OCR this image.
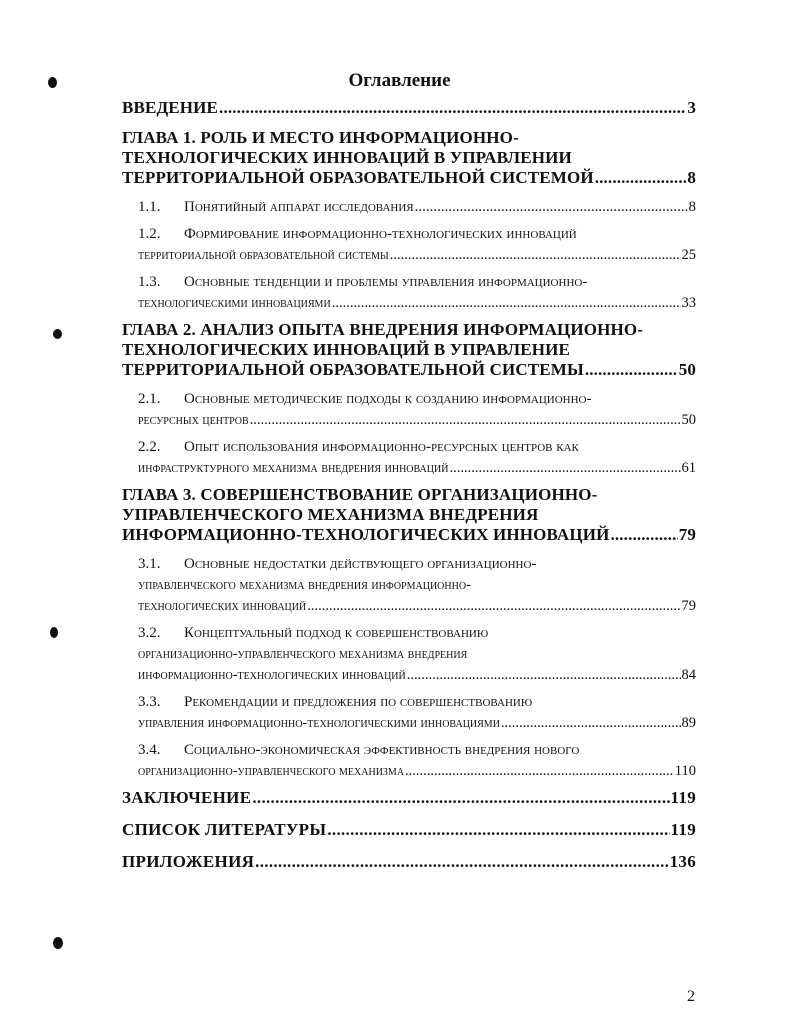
Оглавление
ВВЕДЕНИЕ .....	3
ГЛАВА 1. РОЛЬ И МЕСТО ИНФОРМАЦИОННО-
ТЕХНОЛОГИЧЕСКИХ ИННОВАЦИЙ В УПРАВЛЕНИИ
ТЕРРИТОРИАЛЬНОЙ ОБРАЗОВАТЕЛЬНОЙ СИСТЕМОЙ .....	8
1.1.	Понятийный аппарат исследования .....	8
1.2.	Формирование информационно-технологических инноваций
территориальной образовательной системы .....	25
1.3.	Основные тенденции и проблемы управления информационно-
технологическими инновациями .....	33
ГЛАВА 2. АНАЛИЗ ОПЫТА ВНЕДРЕНИЯ ИНФОРМАЦИОННО-
ТЕХНОЛОГИЧЕСКИХ ИННОВАЦИЙ В УПРАВЛЕНИЕ
ТЕРРИТОРИАЛЬНОЙ ОБРАЗОВАТЕЛЬНОЙ СИСТЕМЫ .....	50
2.1.	Основные методические подходы к созданию информационно-
ресурсных центров .....	50
2.2.	Опыт использования информационно-ресурсных центров как
инфраструктурного механизма внедрения инноваций .....	61
ГЛАВА 3. СОВЕРШЕНСТВОВАНИЕ ОРГАНИЗАЦИОННО-
УПРАВЛЕНЧЕСКОГО МЕХАНИЗМА ВНЕДРЕНИЯ
ИНФОРМАЦИОННО-ТЕХНОЛОГИЧЕСКИХ ИННОВАЦИЙ .....	79
3.1.	Основные недостатки действующего организационно-
управленческого механизма внедрения информационно-
технологических инноваций .....	79
3.2.	Концептуальный подход к совершенствованию
организационно-управленческого механизма внедрения
информационно-технологических инноваций .....	84
3.3.	Рекомендации и предложения по совершенствованию
управления информационно-технологическими инновациями .....	89
3.4.	Социально-экономическая эффективность внедрения нового
организационно-управленческого механизма .....	110
ЗАКЛЮЧЕНИЕ .....	119
СПИСОК ЛИТЕРАТУРЫ .....	119
ПРИЛОЖЕНИЯ .....	136
2
